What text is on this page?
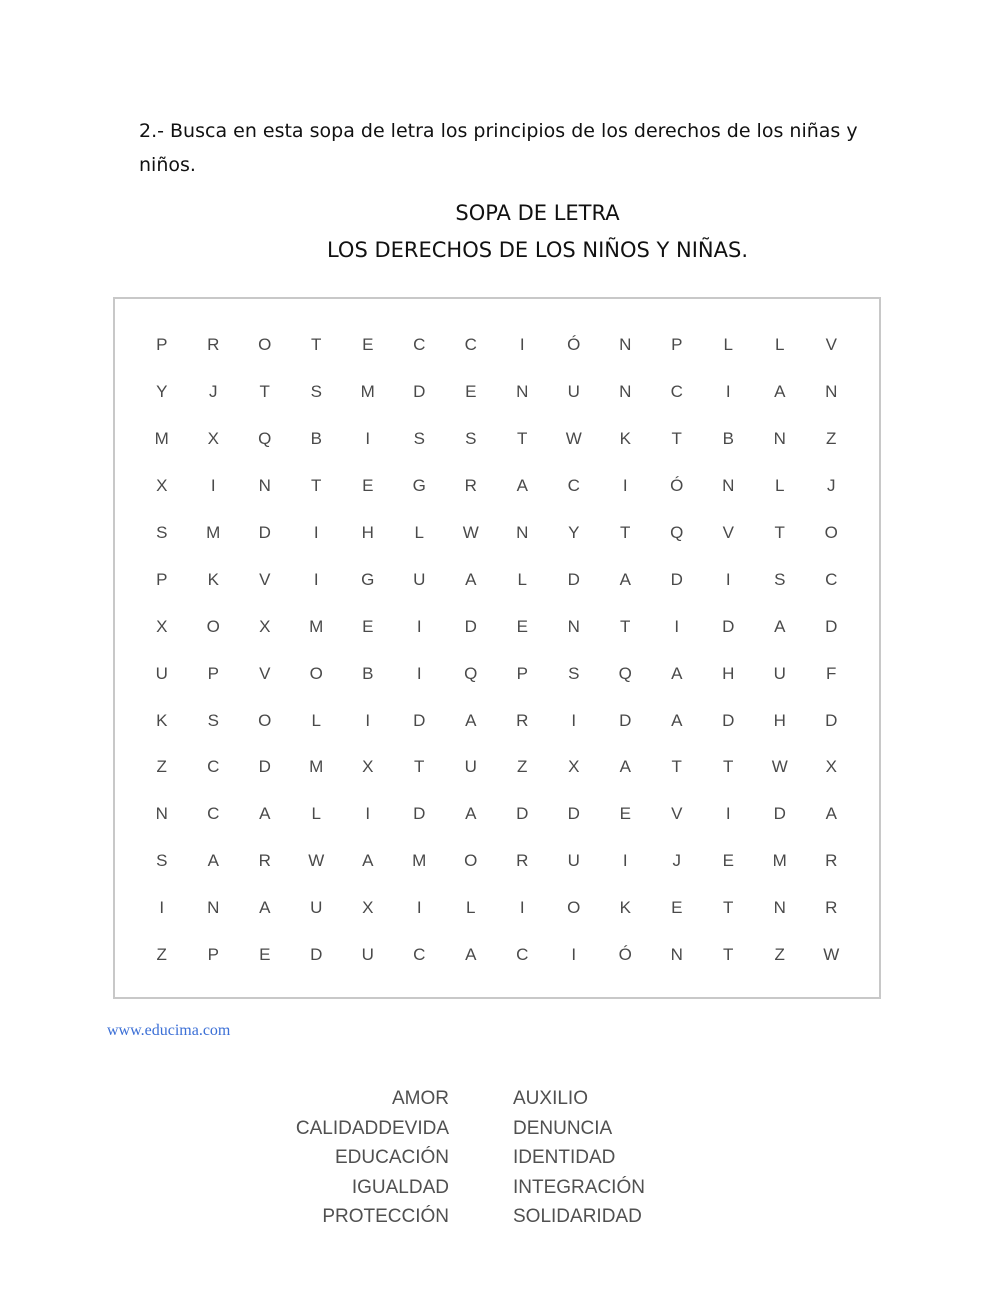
2.- Busca en esta sopa de letra los principios de los derechos de los niñas y niños.
SOPA DE LETRA
LOS DERECHOS DE LOS NIÑOS Y NIÑAS.
P	R	O	T	E	C	C	I	Ó	N	P	L	L	V
Y	J	T	S	M	D	E	N	U	N	C	I	A	N
M	X	Q	B	I	S	S	T	W	K	T	B	N	Z
X	I	N	T	E	G	R	A	C	I	Ó	N	L	J
S	M	D	I	H	L	W	N	Y	T	Q	V	T	O
P	K	V	I	G	U	A	L	D	A	D	I	S	C
X	O	X	M	E	I	D	E	N	T	I	D	A	D
U	P	V	O	B	I	Q	P	S	Q	A	H	U	F
K	S	O	L	I	D	A	R	I	D	A	D	H	D
Z	C	D	M	X	T	U	Z	X	A	T	T	W	X
N	C	A	L	I	D	A	D	D	E	V	I	D	A
S	A	R	W	A	M	O	R	U	I	J	E	M	R
I	N	A	U	X	I	L	I	O	K	E	T	N	R
Z	P	E	D	U	C	A	C	I	Ó	N	T	Z	W
www.educima.com
AMOR
CALIDADDEVIDA
EDUCACIÓN
IGUALDAD
PROTECCIÓN
AUXILIO
DENUNCIA
IDENTIDAD
INTEGRACIÓN
SOLIDARIDAD
